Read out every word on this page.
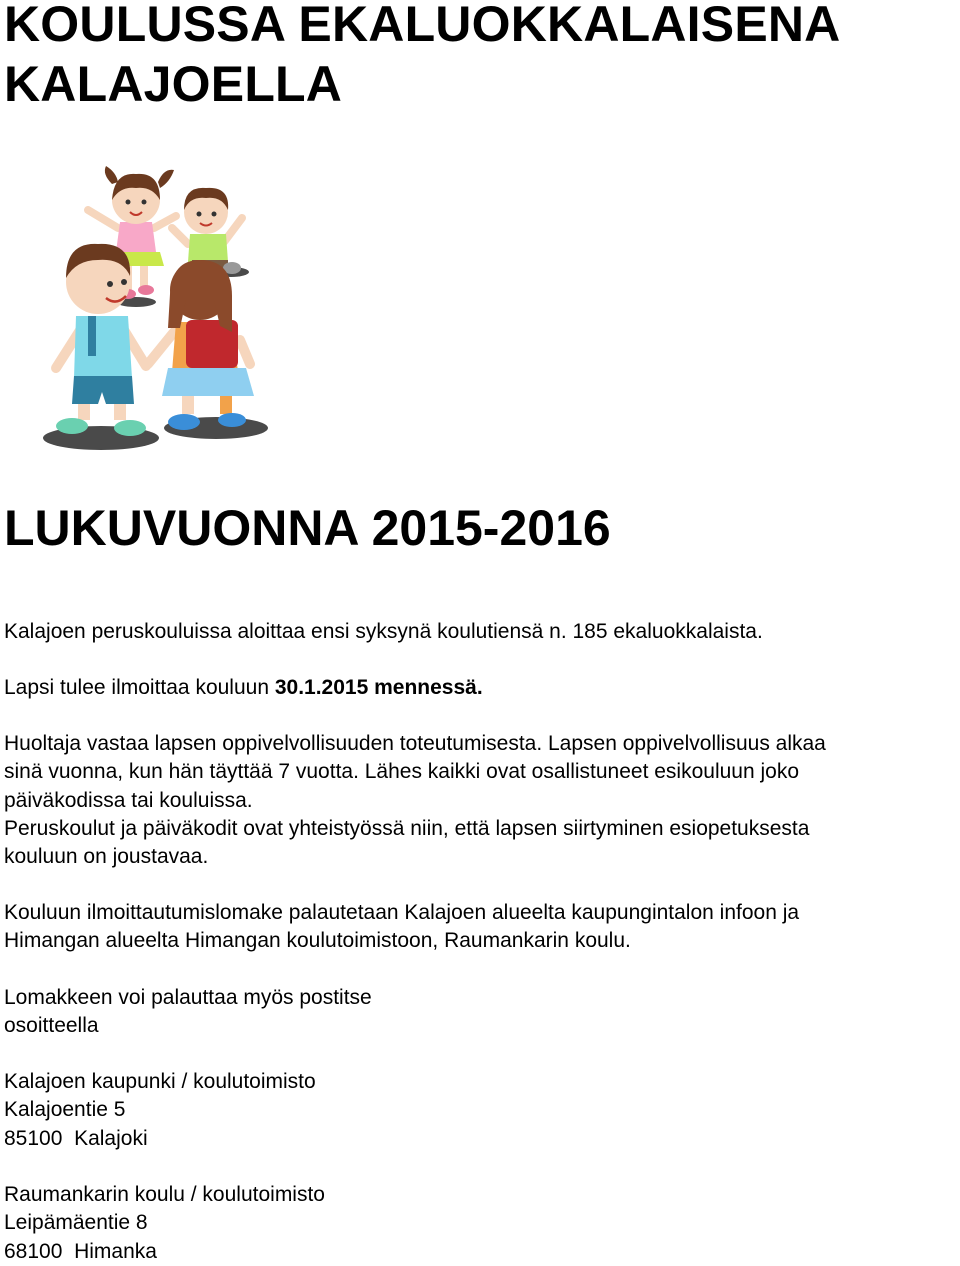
KOULUSSA EKALUOKKALAISENA
KALAJOELLA
LUKUVUONNA 2015-2016

Kalajoen peruskouluissa aloittaa ensi syksynä koulutiensä n. 185 ekaluokkalaista.

Lapsi tulee ilmoittaa kouluun 30.1.2015 mennessä.

Huoltaja vastaa lapsen oppivelvollisuuden toteutumisesta. Lapsen oppivelvollisuus alkaa
sinä vuonna, kun hän täyttää 7 vuotta. Lähes kaikki ovat osallistuneet esikouluun joko
päiväkodissa tai kouluissa.
Peruskoulut ja päiväkodit ovat yhteistyössä niin, että lapsen siirtyminen esiopetuksesta
kouluun on joustavaa.

Kouluun ilmoittautumislomake palautetaan Kalajoen alueelta kaupungintalon infoon ja
Himangan alueelta Himangan koulutoimistoon, Raumankarin koulu.

Lomakkeen voi palauttaa myös postitse
osoitteella

Kalajoen kaupunki / koulutoimisto
Kalajoentie 5
85100  Kalajoki
Raumankarin koulu / koulutoimisto
Leipämäentie 8
68100  Himanka
